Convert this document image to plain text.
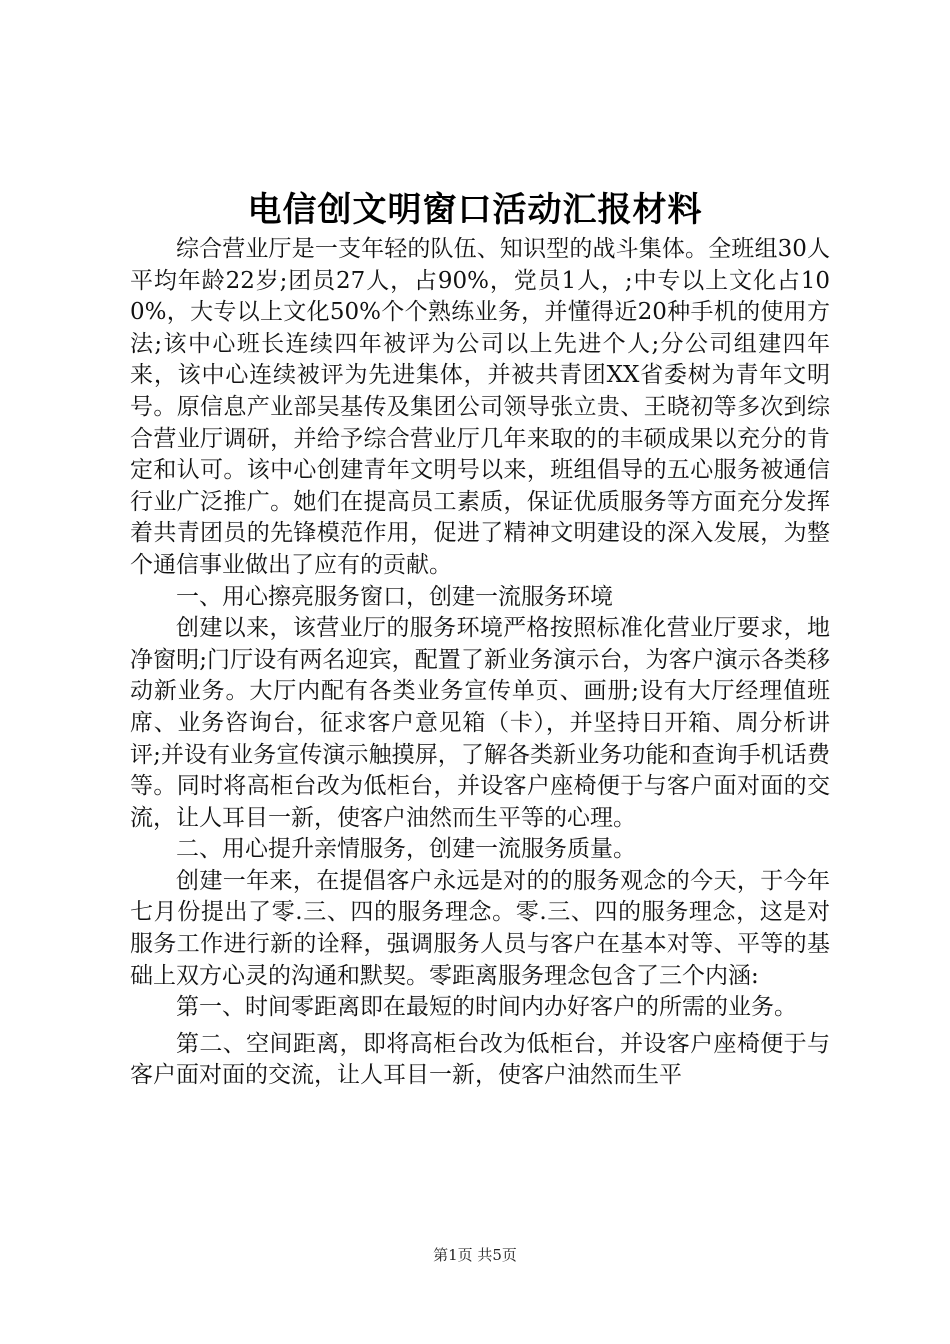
电信创文明窗口活动汇报材料

综合营业厅是一支年轻的队伍、知识型的战斗集体。全班组30人平均年龄22岁;团员27人，占90%，党员1人，;中专以上文化占100%，大专以上文化50%个个熟练业务，并懂得近20种手机的使用方法;该中心班长连续四年被评为公司以上先进个人;分公司组建四年来，该中心连续被评为先进集体，并被共青团XX省委树为青年文明号。原信息产业部吴基传及集团公司领导张立贵、王晓初等多次到综合营业厅调研，并给予综合营业厅几年来取的的丰硕成果以充分的肯定和认可。该中心创建青年文明号以来，班组倡导的五心服务被通信行业广泛推广。她们在提高员工素质，保证优质服务等方面充分发挥着共青团员的先锋模范作用，促进了精神文明建设的深入发展，为整个通信事业做出了应有的贡献。

一、用心擦亮服务窗口，创建一流服务环境

创建以来，该营业厅的服务环境严格按照标准化营业厅要求，地净窗明;门厅设有两名迎宾，配置了新业务演示台，为客户演示各类移动新业务。大厅内配有各类业务宣传单页、画册;设有大厅经理值班席、业务咨询台，征求客户意见箱（卡），并坚持日开箱、周分析讲评;并设有业务宣传演示触摸屏，了解各类新业务功能和查询手机话费等。同时将高柜台改为低柜台，并设客户座椅便于与客户面对面的交流，让人耳目一新，使客户油然而生平等的心理。

二、用心提升亲情服务，创建一流服务质量。

创建一年来，在提倡客户永远是对的的服务观念的今天，于今年七月份提出了零.三、四的服务理念。零.三、四的服务理念，这是对服务工作进行新的诠释，强调服务人员与客户在基本对等、平等的基础上双方心灵的沟通和默契。零距离服务理念包含了三个内涵:

第一、时间零距离即在最短的时间内办好客户的所需的业务。

第二、空间距离，即将高柜台改为低柜台，并设客户座椅便于与客户面对面的交流，让人耳目一新，使客户油然而生平

第1页 共5页
